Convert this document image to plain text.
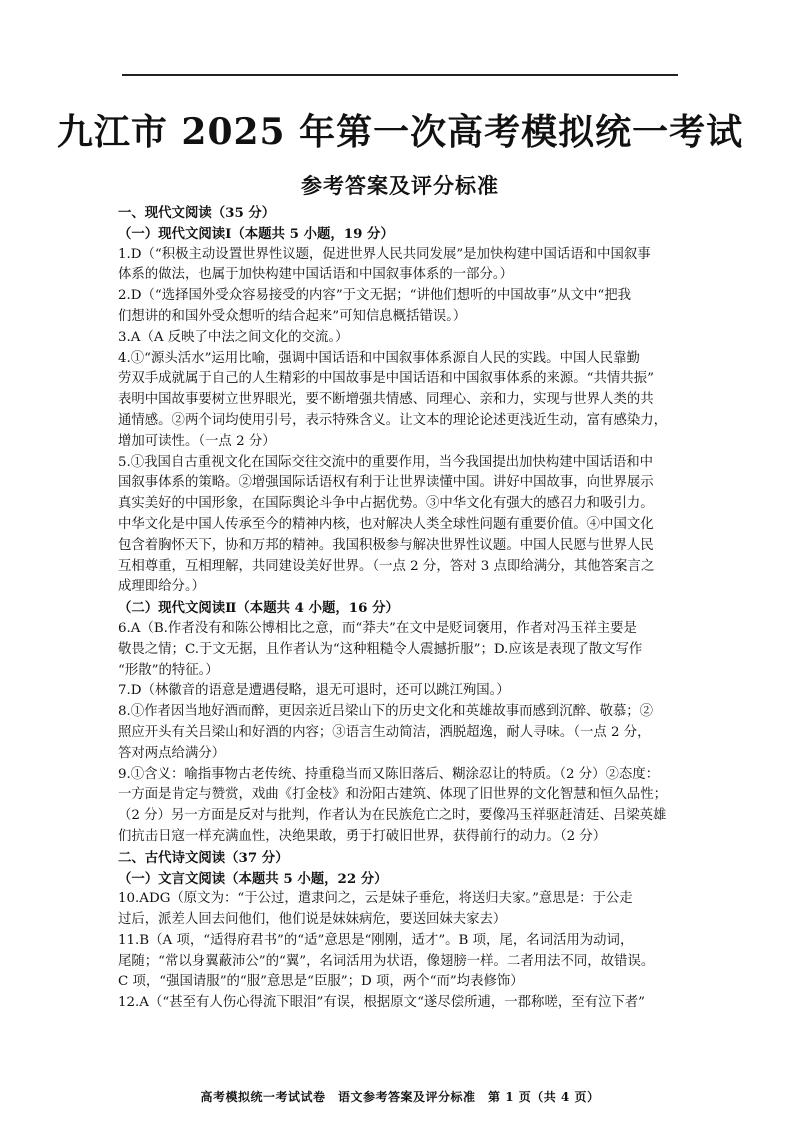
九江市 2025 年第一次高考模拟统一考试
参考答案及评分标准
一、现代文阅读（35 分）
（一）现代文阅读Ⅰ（本题共 5 小题，19 分）
1.D（“积极主动设置世界性议题，促进世界人民共同发展”是加快构建中国话语和中国叙事
体系的做法，也属于加快构建中国话语和中国叙事体系的一部分。）
2.D（“选择国外受众容易接受的内容”于文无据；“讲他们想听的中国故事”从文中“把我
们想讲的和国外受众想听的结合起来”可知信息概括错误。）
3.A（A 反映了中法之间文化的交流。）
4.①“源头活水”运用比喻，强调中国话语和中国叙事体系源自人民的实践。中国人民靠勤
劳双手成就属于自己的人生精彩的中国故事是中国话语和中国叙事体系的来源。“共情共振”
表明中国故事要树立世界眼光，要不断增强共情感、同理心、亲和力，实现与世界人类的共
通情感。②两个词均使用引号，表示特殊含义。让文本的理论论述更浅近生动，富有感染力，
增加可读性。（一点 2 分）
5.①我国自古重视文化在国际交往交流中的重要作用，当今我国提出加快构建中国话语和中
国叙事体系的策略。②增强国际话语权有利于让世界读懂中国。讲好中国故事，向世界展示
真实美好的中国形象，在国际舆论斗争中占据优势。③中华文化有强大的感召力和吸引力。
中华文化是中国人传承至今的精神内核，也对解决人类全球性问题有重要价值。④中国文化
包含着胸怀天下，协和万邦的精神。我国积极参与解决世界性议题。中国人民愿与世界人民
互相尊重，互相理解，共同建设美好世界。（一点 2 分，答对 3 点即给满分，其他答案言之
成理即给分。）
（二）现代文阅读Ⅱ（本题共 4 小题，16 分）
6.A（B.作者没有和陈公博相比之意，而“莽夫”在文中是贬词褒用，作者对冯玉祥主要是
敬畏之情；C.于文无据，且作者认为“这种粗糙令人震撼折服”；D.应该是表现了散文写作
“形散”的特征。）
7.D（林徽音的语意是遭遇侵略，退无可退时，还可以跳江殉国。）
8.①作者因当地好酒而醉，更因亲近吕梁山下的历史文化和英雄故事而感到沉醉、敬慕；②
照应开头有关吕梁山和好酒的内容；③语言生动简洁，洒脱超逸，耐人寻味。（一点 2 分，
答对两点给满分）
9.①含义：喻指事物古老传统、持重稳当而又陈旧落后、糊涂忍让的特质。（2 分）②态度：
一方面是肯定与赞赏，戏曲《打金枝》和汾阳古建筑、体现了旧世界的文化智慧和恒久品性；
（2 分）另一方面是反对与批判，作者认为在民族危亡之时，要像冯玉祥驱赶清廷、吕梁英雄
们抗击日寇一样充满血性，决绝果敢，勇于打破旧世界，获得前行的动力。（2 分）
二、古代诗文阅读（37 分）
（一）文言文阅读（本题共 5 小题，22 分）
10.ADG（原文为：“于公过，遣隶问之，云是妹子垂危，将送归夫家。”意思是：于公走
过后，派差人回去问他们，他们说是妹妹病危，要送回妹夫家去）
11.B（A 项，“适得府君书”的“适”意思是“刚刚，适才”。B 项，尾，名词活用为动词，
尾随；“常以身翼蔽沛公”的“翼”，名词活用为状语，像翅膀一样。二者用法不同，故错误。
C 项，“强国请服”的“服”意思是“臣服”；D 项，两个“而”均表修饰）
12.A（“甚至有人伤心得流下眼泪”有误，根据原文“遂尽偿所逋，一郡称嗟，至有泣下者”
高考模拟统一考试试卷　语文参考答案及评分标准　第 1 页（共 4 页）
